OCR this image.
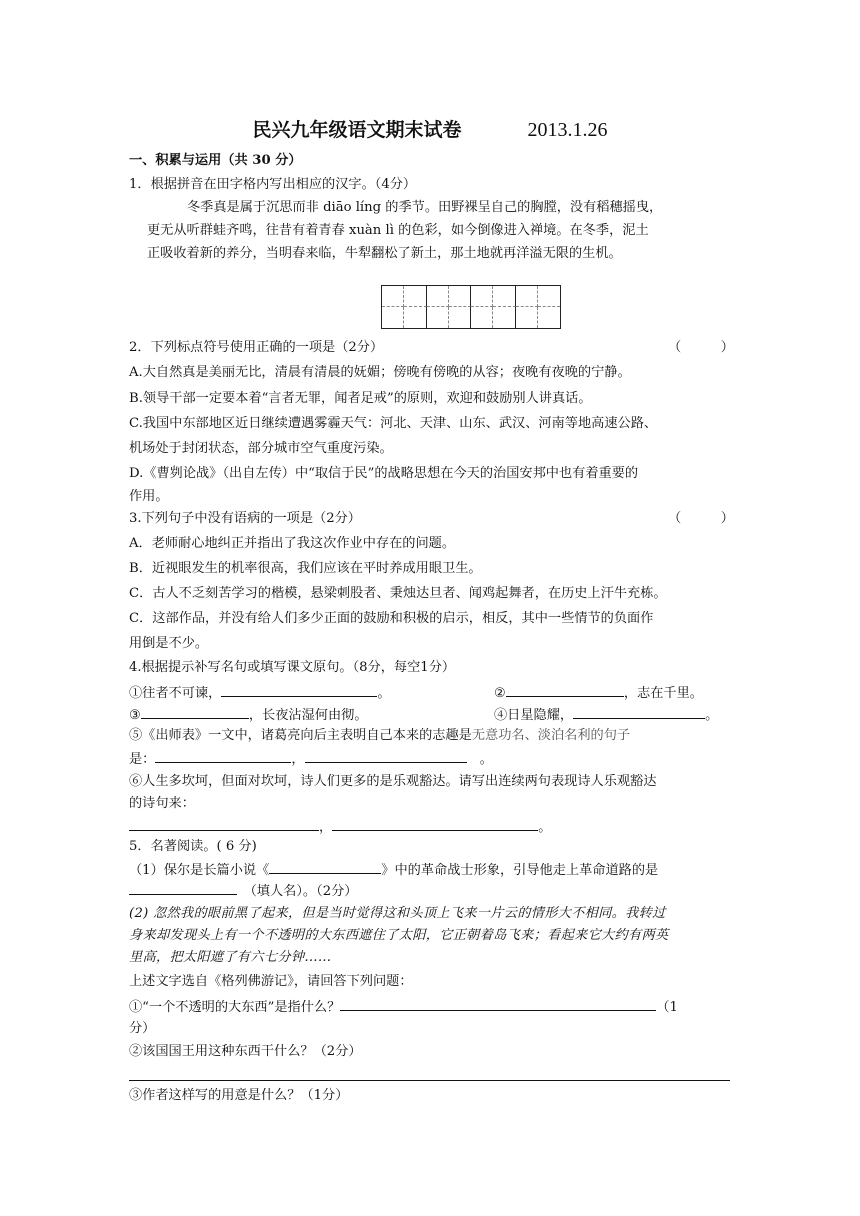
民兴九年级语文期末试卷	2013.1.26
一、积累与运用（共 30 分）
1．根据拼音在田字格内写出相应的汉字。（4分）
冬季真是属于沉思而非 diāo líng 的季节。田野裸呈自己的胸膛，没有稻穗摇曳，
更无从听群蛙齐鸣，往昔有着青春 xuàn lì 的色彩，如今倒像进入禅境。在冬季，泥土
正吸收着新的养分，当明春来临，牛犁翻松了新土，那土地就再洋溢无限的生机。
2．下列标点符号使用正确的一项是（2分）	（　　　）
A.大自然真是美丽无比，清晨有清晨的妩媚；傍晚有傍晚的从容；夜晚有夜晚的宁静。
B.领导干部一定要本着“言者无罪，闻者足戒”的原则，欢迎和鼓励别人讲真话。
C.我国中东部地区近日继续遭遇雾霾天气：河北、天津、山东、武汉、河南等地高速公路、
机场处于封闭状态，部分城市空气重度污染。
D.《曹刿论战》（出自左传）中“取信于民”的战略思想在今天的治国安邦中也有着重要的
作用。
3.下列句子中没有语病的一项是（2分）	（　　　）
A．老师耐心地纠正并指出了我这次作业中存在的问题。
B．近视眼发生的机率很高，我们应该在平时养成用眼卫生。
C．古人不乏刻苦学习的楷模，悬梁刺股者、秉烛达旦者、闻鸡起舞者，在历史上汗牛充栋。
C．这部作品，并没有给人们多少正面的鼓励和积极的启示，相反，其中一些情节的负面作
用倒是不少。
4.根据提示补写名句或填写课文原句。（8分，每空1分）
①往者不可谏，	。	②	，志在千里。
③	，长夜沾湿何由彻。	④日星隐耀，	。
⑤《出师表》一文中，诸葛亮向后主表明自己本来的志趣是无意功名、淡泊名利的句子
是：	，	　。
⑥人生多坎坷，但面对坎坷，诗人们更多的是乐观豁达。请写出连续两句表现诗人乐观豁达
的诗句来：
，	。
5．名著阅读。( 6 分)
（1）保尔是长篇小说《	》中的革命战士形象，引导他走上革命道路的是
　（填人名）。（2分）
(2) 忽然我的眼前黑了起来，但是当时觉得这和头顶上飞来一片云的情形大不相同。我转过
身来却发现头上有一个不透明的大东西遮住了太阳，它正朝着岛飞来；看起来它大约有两英
里高，把太阳遮了有六七分钟……
上述文字选自《格列佛游记》，请回答下列问题：
①“一个不透明的大东西”是指什么？	（1
分）
②该国国王用这种东西干什么？（2分）
③作者这样写的用意是什么？（1分）
